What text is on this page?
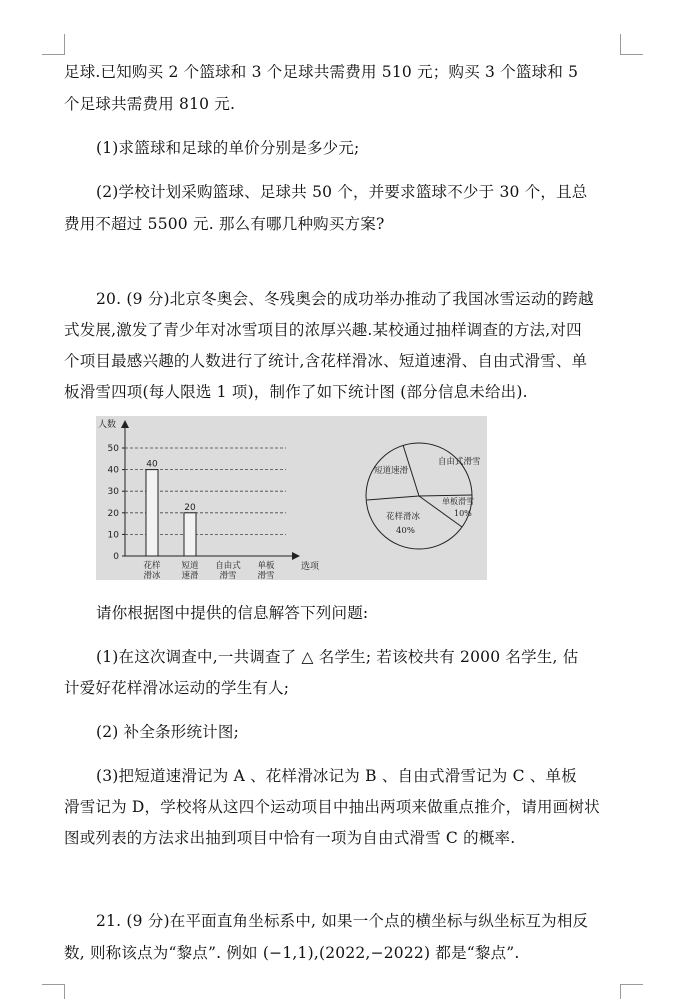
足球.已知购买 2 个篮球和 3 个足球共需费用 510 元；购买 3 个篮球和 5
个足球共需费用 810 元.
(1)求篮球和足球的单价分别是多少元;
(2)学校计划采购篮球、足球共 50 个，并要求篮球不少于 30 个，且总
费用不超过 5500 元. 那么有哪几种购买方案?
20. (9 分)北京冬奥会、冬残奥会的成功举办推动了我国冰雪运动的跨越
式发展,激发了青少年对冰雪项目的浓厚兴趣.某校通过抽样调查的方法,对四
个项目最感兴趣的人数进行了统计,含花样滑冰、短道速滑、自由式滑雪、单
板滑雪四项(每人限选 1 项)，制作了如下统计图 (部分信息未给出).
人数
选项
0
10
20
30
40
50
40
花样
滑冰
20
短道
速滑
自由式
滑雪
单板
滑雪
自由式滑雪
短道速滑
单板滑雪
10%
花样滑冰
40%
请你根据图中提供的信息解答下列问题:
(1)在这次调查中,一共调查了 △ 名学生; 若该校共有 2000 名学生, 估
计爱好花样滑冰运动的学生有人;
(2) 补全条形统计图;
(3)把短道速滑记为 A 、花样滑冰记为 B 、自由式滑雪记为 C 、单板
滑雪记为 D，学校将从这四个运动项目中抽出两项来做重点推介，请用画树状
图或列表的方法求出抽到项目中恰有一项为自由式滑雪 C 的概率.
21. (9 分)在平面直角坐标系中, 如果一个点的横坐标与纵坐标互为相反
数, 则称该点为“黎点”. 例如 (−1,1),(2022,−2022) 都是“黎点”.
